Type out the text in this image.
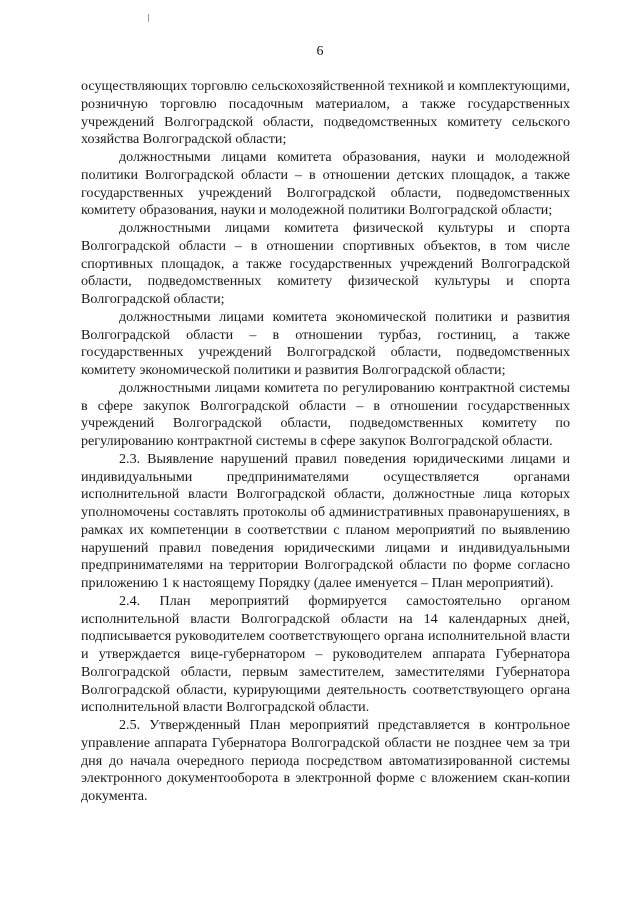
6

осуществляющих торговлю сельскохозяйственной техникой и комплектующими, розничную торговлю посадочным материалом, а также государственных учреждений Волгоградской области, подведомственных комитету сельского хозяйства Волгоградской области;

должностными лицами комитета образования, науки и молодежной политики Волгоградской области – в отношении детских площадок, а также государственных учреждений Волгоградской области, подведомственных комитету образования, науки и молодежной политики Волгоградской области;

должностными лицами комитета физической культуры и спорта Волгоградской области – в отношении спортивных объектов, в том числе спортивных площадок, а также государственных учреждений Волгоградской области, подведомственных комитету физической культуры и спорта Волгоградской области;

должностными лицами комитета экономической политики и развития Волгоградской области – в отношении турбаз, гостиниц, а также государственных учреждений Волгоградской области, подведомственных комитету экономической политики и развития Волгоградской области;

должностными лицами комитета по регулированию контрактной системы в сфере закупок Волгоградской области – в отношении государственных учреждений Волгоградской области, подведомственных комитету по регулированию контрактной системы в сфере закупок Волгоградской области.

2.3. Выявление нарушений правил поведения юридическими лицами и индивидуальными предпринимателями осуществляется органами исполнительной власти Волгоградской области, должностные лица которых уполномочены составлять протоколы об административных правонарушениях, в рамках их компетенции в соответствии с планом мероприятий по выявлению нарушений правил поведения юридическими лицами и индивидуальными предпринимателями на территории Волгоградской области по форме согласно приложению 1 к настоящему Порядку (далее именуется – План мероприятий).

2.4. План мероприятий формируется самостоятельно органом исполнительной власти Волгоградской области на 14 календарных дней, подписывается руководителем соответствующего органа исполнительной власти и утверждается вице-губернатором – руководителем аппарата Губернатора Волгоградской области, первым заместителем, заместителями Губернатора Волгоградской области, курирующими деятельность соответствующего органа исполнительной власти Волгоградской области.

2.5. Утвержденный План мероприятий представляется в контрольное управление аппарата Губернатора Волгоградской области не позднее чем за три дня до начала очередного периода посредством автоматизированной системы электронного документооборота в электронной форме с вложением скан-копии документа.
